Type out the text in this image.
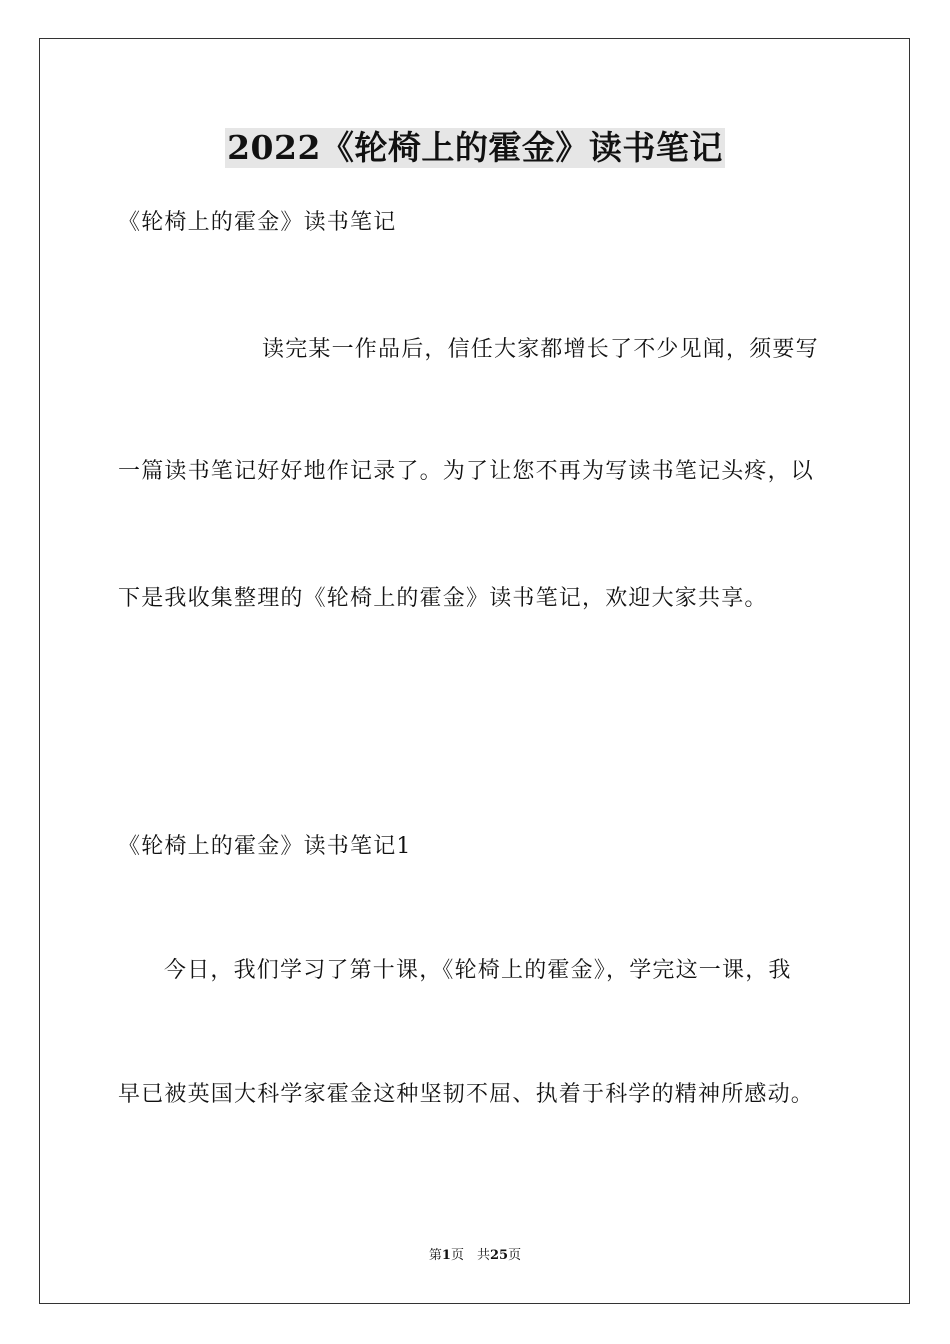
2022《轮椅上的霍金》读书笔记
《轮椅上的霍金》读书笔记
读完某一作品后，信任大家都增长了不少见闻，须要写
一篇读书笔记好好地作记录了。为了让您不再为写读书笔记头疼，以
下是我收集整理的《轮椅上的霍金》读书笔记，欢迎大家共享。
《轮椅上的霍金》读书笔记1
今日，我们学习了第十课，《轮椅上的霍金》，学完这一课，我
早已被英国大科学家霍金这种坚韧不屈、执着于科学的精神所感动。
第1页　共25页
